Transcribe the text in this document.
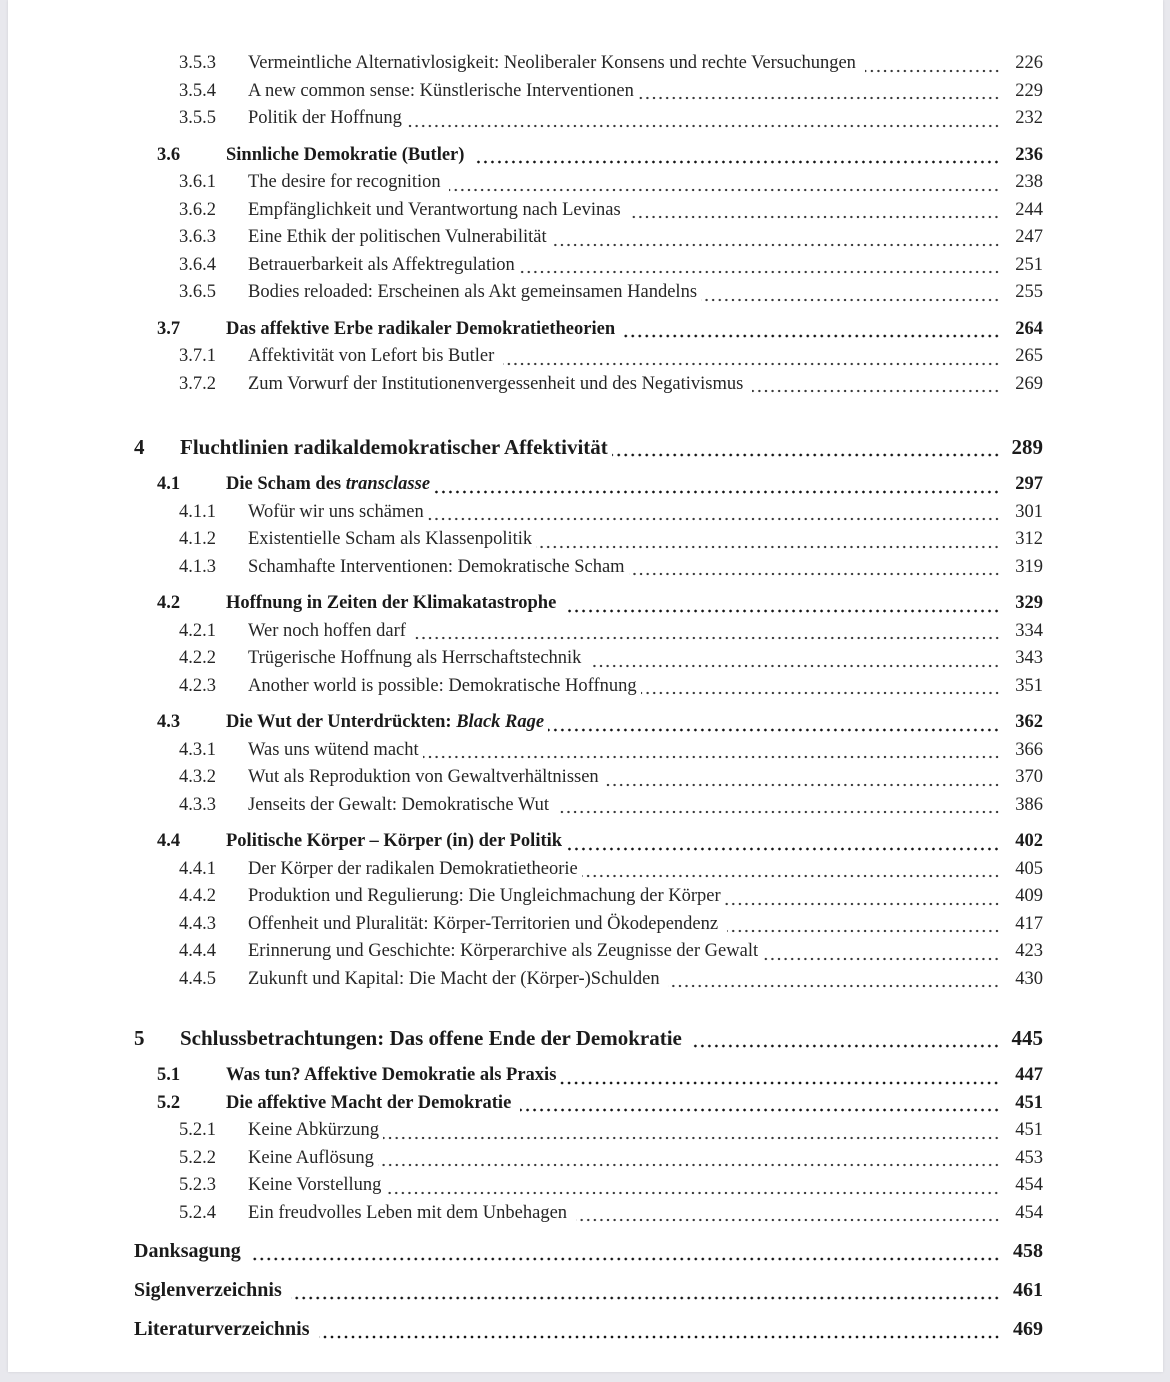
3.5.3	Vermeintliche Alternativlosigkeit: Neoliberaler Konsens und rechte Versuchungen	226
3.5.4	A new common sense: Künstlerische Interventionen	229
3.5.5	Politik der Hoffnung	232
3.6	Sinnliche Demokratie (Butler)	236
3.6.1	The desire for recognition	238
3.6.2	Empfänglichkeit und Verantwortung nach Levinas	244
3.6.3	Eine Ethik der politischen Vulnerabilität	247
3.6.4	Betrauerbarkeit als Affektregulation	251
3.6.5	Bodies reloaded: Erscheinen als Akt gemeinsamen Handelns	255
3.7	Das affektive Erbe radikaler Demokratietheorien	264
3.7.1	Affektivität von Lefort bis Butler	265
3.7.2	Zum Vorwurf der Institutionenvergessenheit und des Negativismus	269
4	Fluchtlinien radikaldemokratischer Affektivität	289
4.1	Die Scham des transclasse	297
4.1.1	Wofür wir uns schämen	301
4.1.2	Existentielle Scham als Klassenpolitik	312
4.1.3	Schamhafte Interventionen: Demokratische Scham	319
4.2	Hoffnung in Zeiten der Klimakatastrophe	329
4.2.1	Wer noch hoffen darf	334
4.2.2	Trügerische Hoffnung als Herrschaftstechnik	343
4.2.3	Another world is possible: Demokratische Hoffnung	351
4.3	Die Wut der Unterdrückten: Black Rage	362
4.3.1	Was uns wütend macht	366
4.3.2	Wut als Reproduktion von Gewaltverhältnissen	370
4.3.3	Jenseits der Gewalt: Demokratische Wut	386
4.4	Politische Körper – Körper (in) der Politik	402
4.4.1	Der Körper der radikalen Demokratietheorie	405
4.4.2	Produktion und Regulierung: Die Ungleichmachung der Körper	409
4.4.3	Offenheit und Pluralität: Körper-Territorien und Ökodependenz	417
4.4.4	Erinnerung und Geschichte: Körperarchive als Zeugnisse der Gewalt	423
4.4.5	Zukunft und Kapital: Die Macht der (Körper-)Schulden	430
5	Schlussbetrachtungen: Das offene Ende der Demokratie	445
5.1	Was tun? Affektive Demokratie als Praxis	447
5.2	Die affektive Macht der Demokratie	451
5.2.1	Keine Abkürzung	451
5.2.2	Keine Auflösung	453
5.2.3	Keine Vorstellung	454
5.2.4	Ein freudvolles Leben mit dem Unbehagen	454
Danksagung	458
Siglenverzeichnis	461
Literaturverzeichnis	469
